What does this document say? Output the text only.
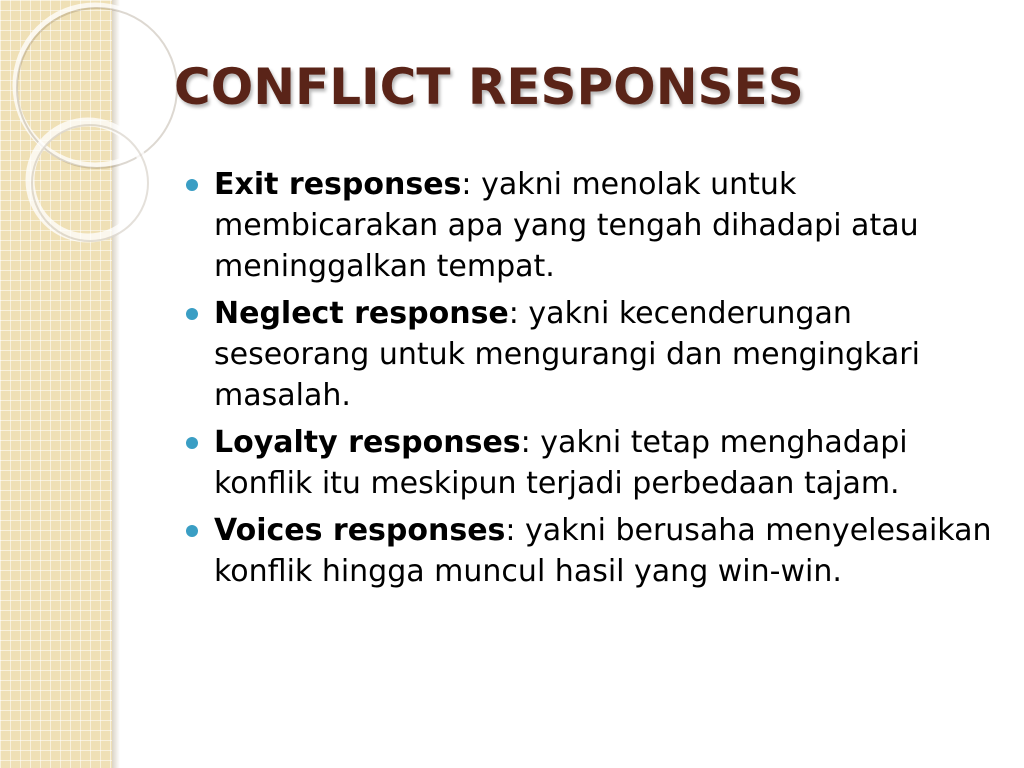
CONFLICT RESPONSES
Exit responses: yakni menolak untuk membicarakan apa yang tengah dihadapi atau meninggalkan tempat.
Neglect response: yakni kecenderungan seseorang untuk mengurangi dan mengingkari masalah.
Loyalty responses: yakni tetap menghadapi konflik itu meskipun terjadi perbedaan tajam.
Voices responses: yakni berusaha menyelesaikan konflik hingga muncul hasil yang win-win.
